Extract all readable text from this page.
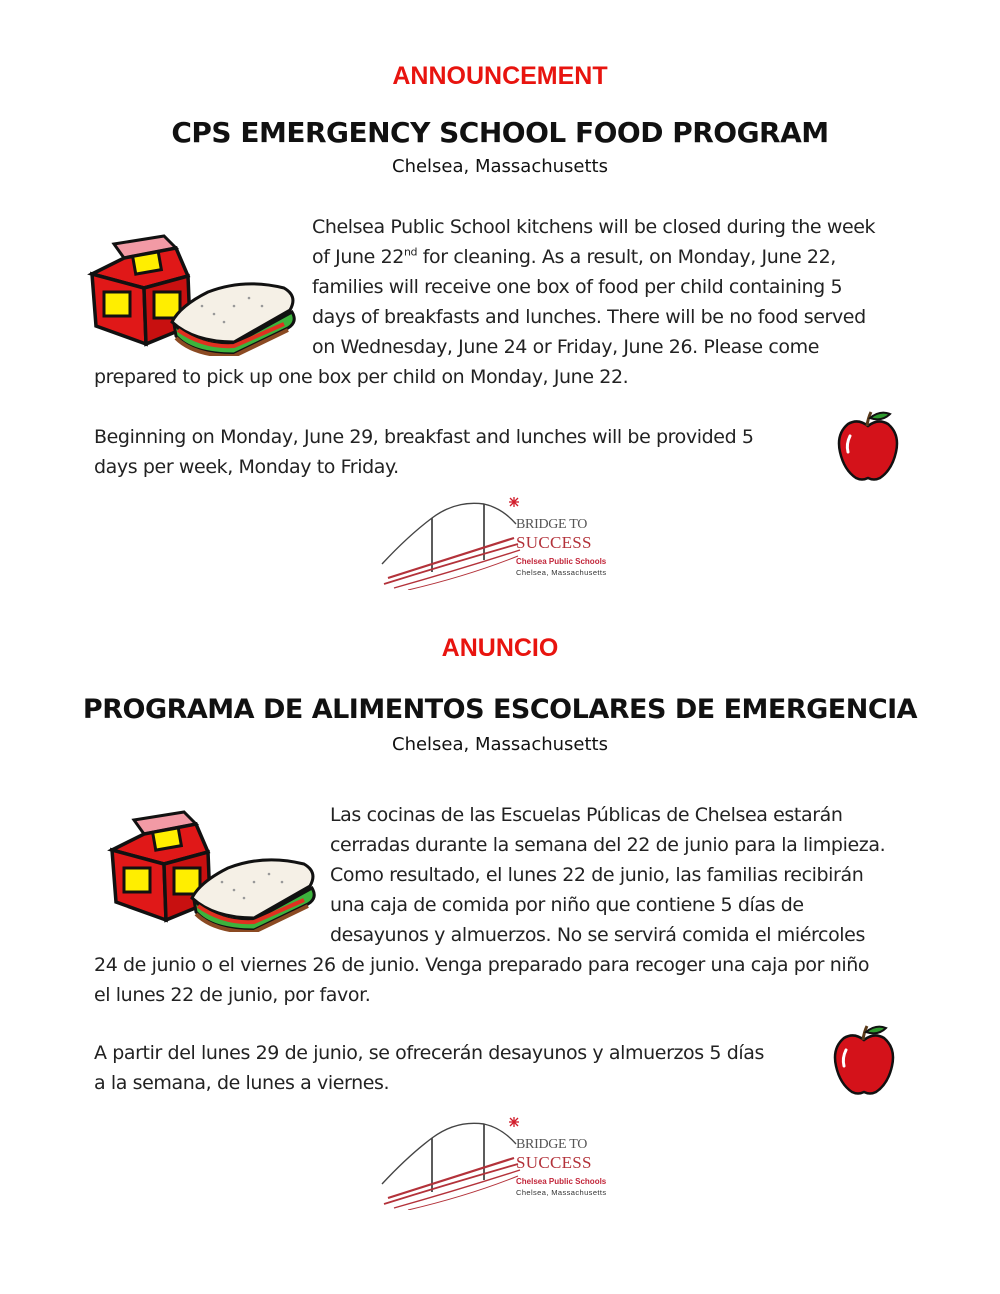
ANNOUNCEMENT
CPS EMERGENCY SCHOOL FOOD PROGRAM
Chelsea, Massachusetts

Chelsea Public School kitchens will be closed during the week
of June 22nd for cleaning. As a result, on Monday, June 22,
families will receive one box of food per child containing 5
days of breakfasts and lunches. There will be no food served
on Wednesday, June 24 or Friday, June 26. Please come

prepared to pick up one box per child on Monday, June 22.

Beginning on Monday, June 29, breakfast and lunches will be provided 5
days per week, Monday to Friday.

BRIDGE TO
SUCCESS
Chelsea Public Schools
Chelsea, Massachusetts
ANUNCIO
PROGRAMA DE ALIMENTOS ESCOLARES DE EMERGENCIA
Chelsea, Massachusetts

Las cocinas de las Escuelas Públicas de Chelsea estarán
cerradas durante la semana del 22 de junio para la limpieza.
Como resultado, el lunes 22 de junio, las familias recibirán
una caja de comida por niño que contiene 5 días de
desayunos y almuerzos. No se servirá comida el miércoles

24 de junio o el viernes 26 de junio. Venga preparado para recoger una caja por niño
el lunes 22 de junio, por favor.

A partir del lunes 29 de junio, se ofrecerán desayunos y almuerzos 5 días
a la semana, de lunes a viernes.

BRIDGE TO
SUCCESS
Chelsea Public Schools
Chelsea, Massachusetts
